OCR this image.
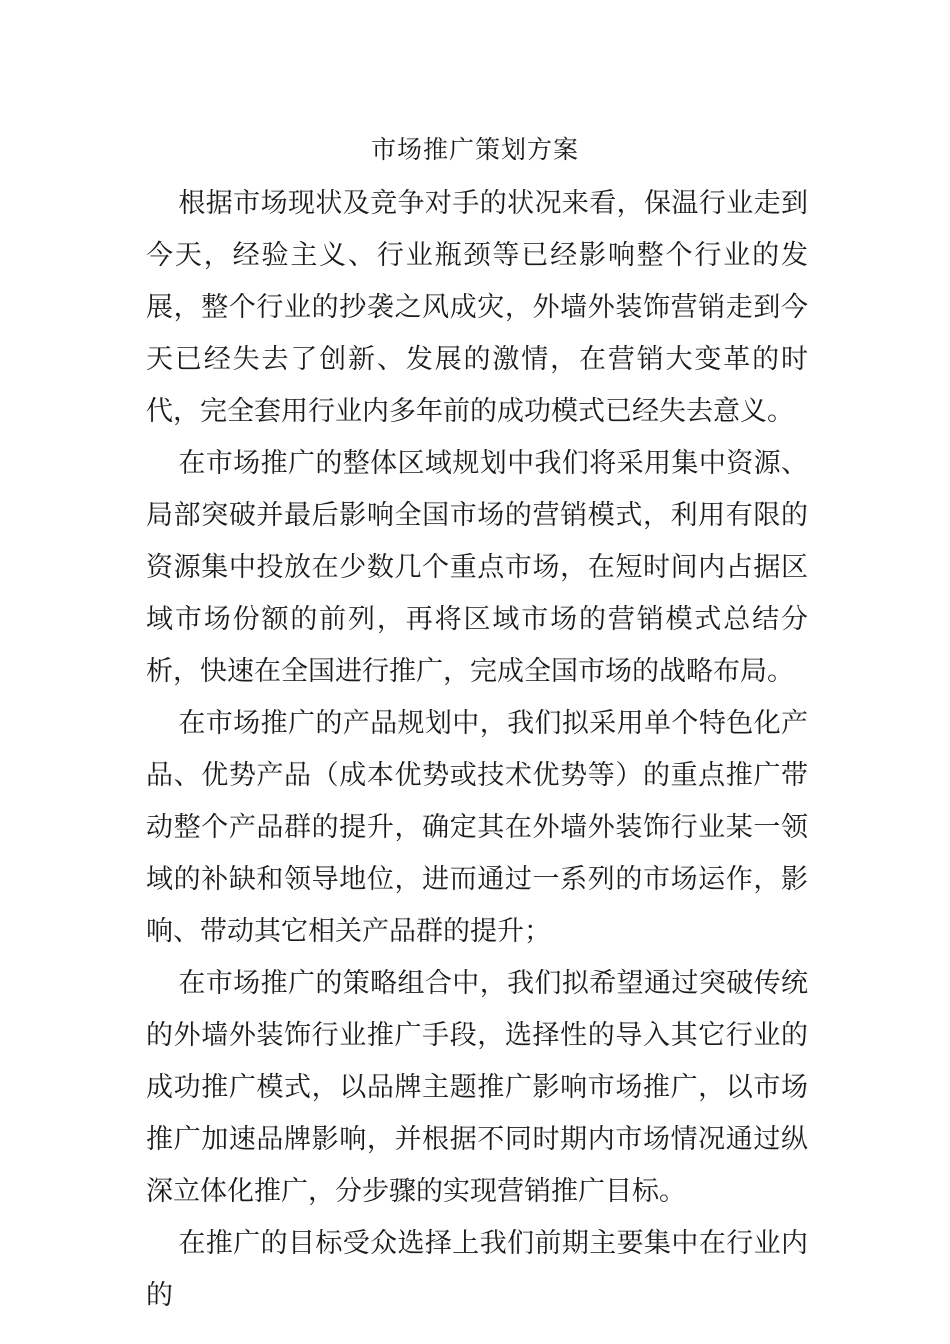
市场推广策划方案

根据市场现状及竞争对手的状况来看，保温行业走到今天，经验主义、行业瓶颈等已经影响整个行业的发展，整个行业的抄袭之风成灾，外墙外装饰营销走到今天已经失去了创新、发展的激情，在营销大变革的时代，完全套用行业内多年前的成功模式已经失去意义。

在市场推广的整体区域规划中我们将采用集中资源、局部突破并最后影响全国市场的营销模式，利用有限的资源集中投放在少数几个重点市场，在短时间内占据区域市场份额的前列，再将区域市场的营销模式总结分析，快速在全国进行推广，完成全国市场的战略布局。

在市场推广的产品规划中，我们拟采用单个特色化产品、优势产品（成本优势或技术优势等）的重点推广带动整个产品群的提升，确定其在外墙外装饰行业某一领域的补缺和领导地位，进而通过一系列的市场运作，影响、带动其它相关产品群的提升；

在市场推广的策略组合中，我们拟希望通过突破传统的外墙外装饰行业推广手段，选择性的导入其它行业的成功推广模式，以品牌主题推广影响市场推广，以市场推广加速品牌影响，并根据不同时期内市场情况通过纵深立体化推广，分步骤的实现营销推广目标。

在推广的目标受众选择上我们前期主要集中在行业内的
